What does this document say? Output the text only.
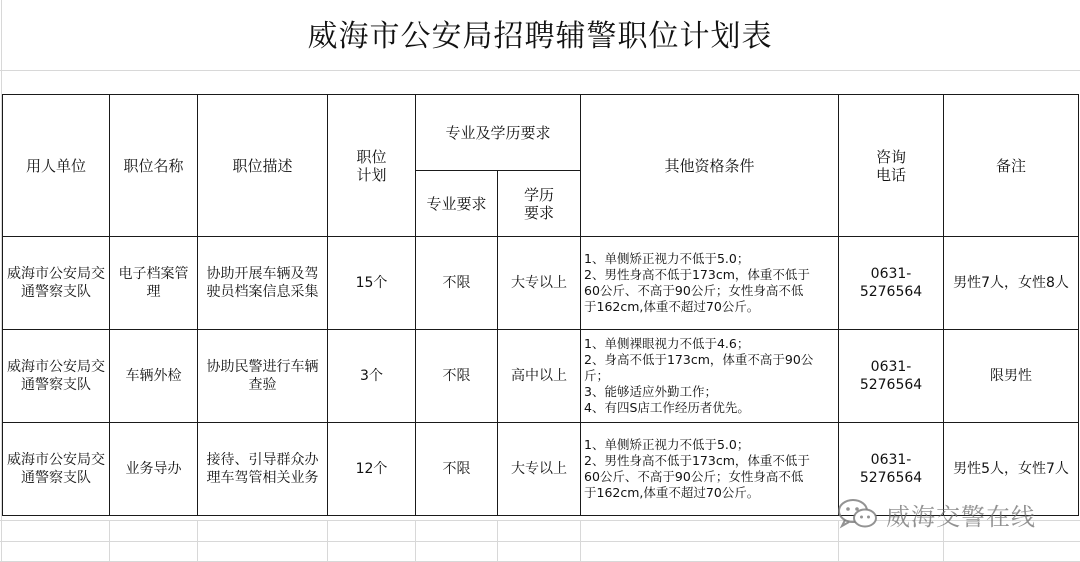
威海市公安局招聘辅警职位计划表
用人单位	职位名称	职位描述	职位
计划	专业及学历要求		其他资格条件	咨询
电话	备注
				专业要求	学历
要求			
威海市公安局交通警察支队	电子档案管理	协助开展车辆及驾驶员档案信息采集	15个	不限	大专以上	1、单侧矫正视力不低于5.0；
2、男性身高不低于173cm，体重不低于
60公斤、不高于90公斤；女性身高不低
于162cm,体重不超过70公斤。	0631-5276564	男性7人，女性8人
威海市公安局交通警察支队	车辆外检	协助民警进行车辆查验	3个	不限	高中以上	1、单侧裸眼视力不低于4.6；
2、身高不低于173cm，体重不高于90公
斤；
3、能够适应外勤工作；
4、有四S店工作经历者优先。	0631-5276564	限男性
威海市公安局交通警察支队	业务导办	接待、引导群众办理车驾管相关业务	12个	不限	大专以上	1、单侧矫正视力不低于5.0；
2、男性身高不低于173cm，体重不低于
60公斤、不高于90公斤；女性身高不低
于162cm,体重不超过70公斤。	0631-5276564	男性5人，女性7人
威海交警在线
